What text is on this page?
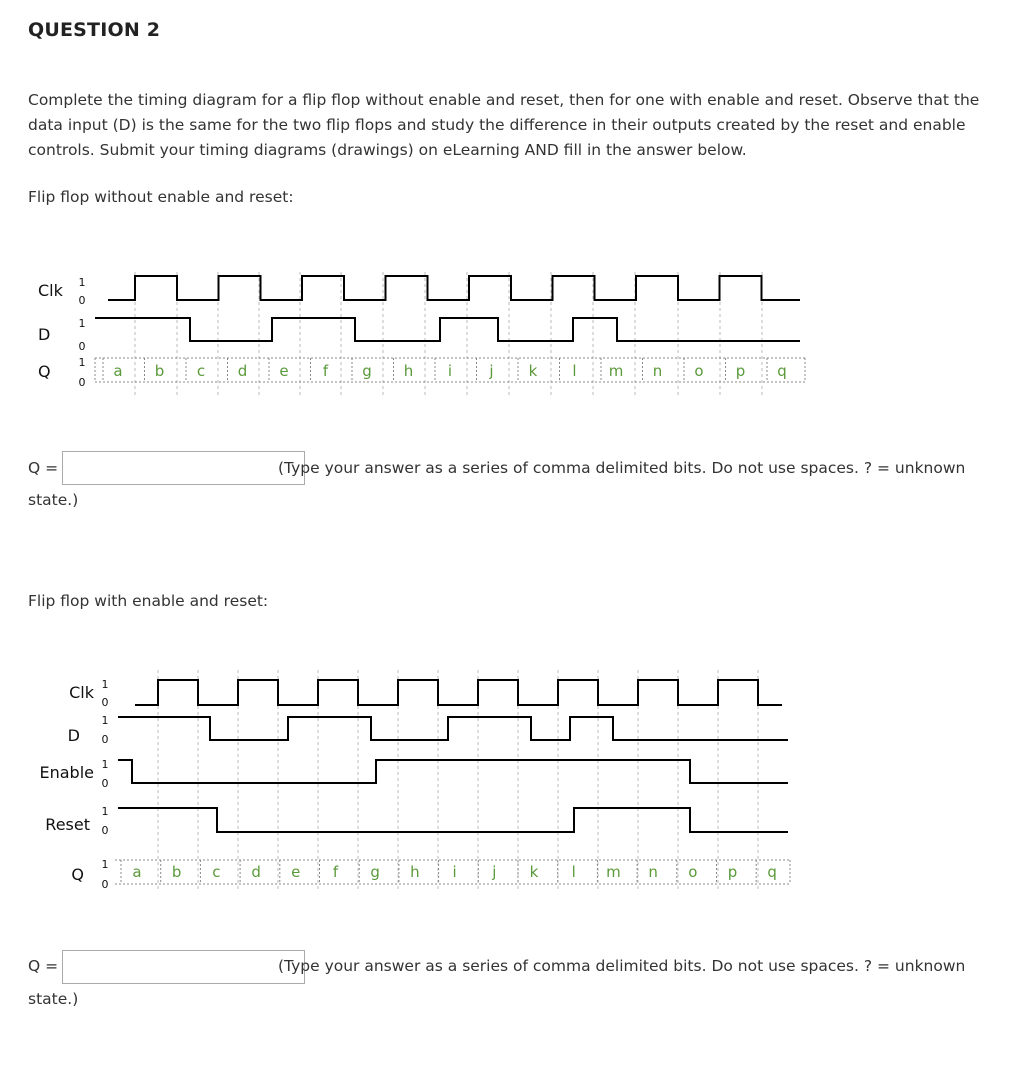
QUESTION 2
Complete the timing diagram for a flip flop without enable and reset, then for one with enable and reset. Observe that the data input (D) is the same for the two flip flops and study the difference in their outputs created by the reset and enable controls. Submit your timing diagrams (drawings) on eLearning AND fill in the answer below.
Flip flop without enable and reset:
a b c d e f g h i j k l m n o p q
Clk
D
Q
1
0
1
0
1
0
a b c d e f g h i j k l m n o p q
Clk
D
Enable
Reset
Q
1
0
1
0
1
0
1
0
1
0
Q =	(Type your answer as a series of comma delimited bits. Do not use spaces. ? = unknown
state.)
Flip flop with enable and reset:
Q =	(Type your answer as a series of comma delimited bits. Do not use spaces. ? = unknown
state.)
